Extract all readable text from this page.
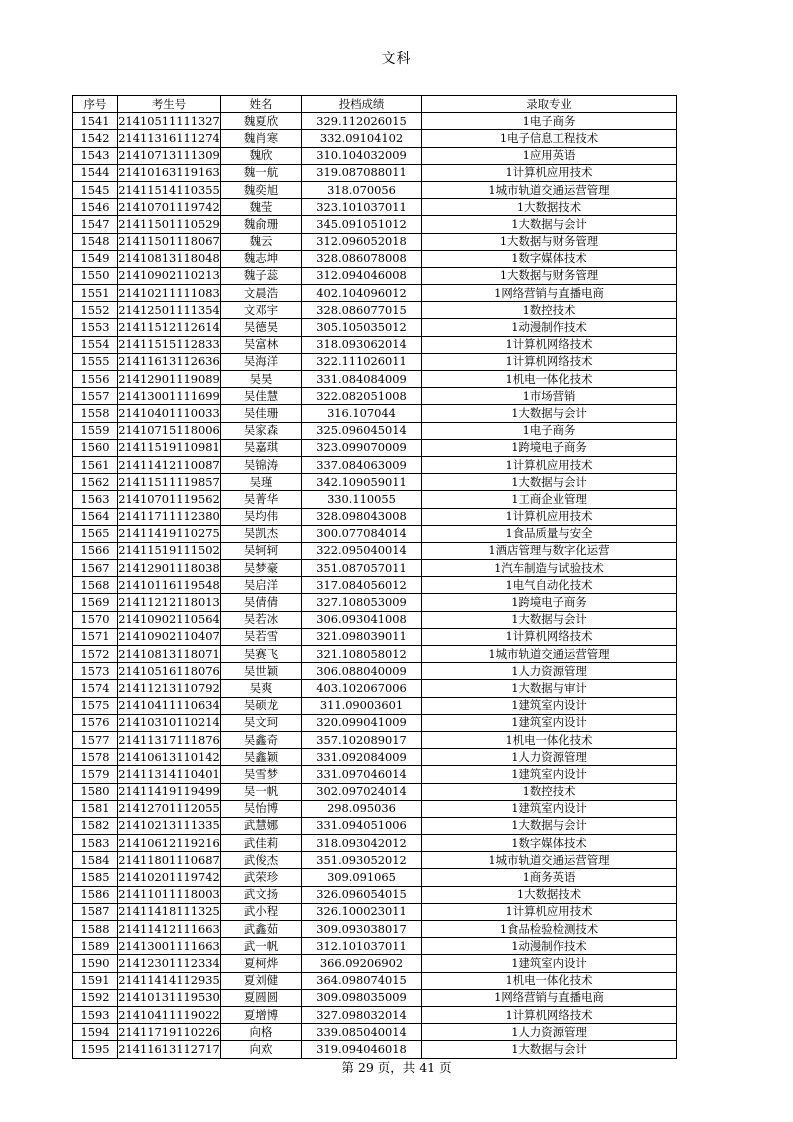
文科
序号	考生号	姓名	投档成绩	录取专业
1541	21410511111327	魏夏欣	329.112026015	1电子商务
1542	21411316111274	魏肖寒	332.09104102	1电子信息工程技术
1543	21410713111309	魏欣	310.104032009	1应用英语
1544	21410163119163	魏一航	319.087088011	1计算机应用技术
1545	21411514110355	魏奕旭	318.070056	1城市轨道交通运营管理
1546	21410701119742	魏莹	323.101037011	1大数据技术
1547	21411501110529	魏俞珊	345.091051012	1大数据与会计
1548	21411501118067	魏云	312.096052018	1大数据与财务管理
1549	21410813118048	魏志坤	328.086078008	1数字媒体技术
1550	21410902110213	魏子蕊	312.094046008	1大数据与财务管理
1551	21410211111083	文晨浩	402.104096012	1网络营销与直播电商
1552	21412501111354	文邓宇	328.086077015	1数控技术
1553	21411512112614	吴德昊	305.105035012	1动漫制作技术
1554	21411515112833	吴富林	318.093062014	1计算机网络技术
1555	21411613112636	吴海洋	322.111026011	1计算机网络技术
1556	21412901119089	吴昊	331.084084009	1机电一体化技术
1557	21413001111699	吴佳慧	322.082051008	1市场营销
1558	21410401110033	吴佳珊	316.107044	1大数据与会计
1559	21410715118006	吴家森	325.096045014	1电子商务
1560	21411519110981	吴嘉琪	323.099070009	1跨境电子商务
1561	21411412110087	吴锦涛	337.084063009	1计算机应用技术
1562	21411511119857	吴瑾	342.109059011	1大数据与会计
1563	21410701119562	吴菁华	330.110055	1工商企业管理
1564	21411711112380	吴均伟	328.098043008	1计算机应用技术
1565	21411419110275	吴凯杰	300.077084014	1食品质量与安全
1566	21411519111502	吴轲轲	322.095040014	1酒店管理与数字化运营
1567	21412901118038	吴梦豪	351.087057011	1汽车制造与试验技术
1568	21410116119548	吴启洋	317.084056012	1电气自动化技术
1569	21411212118013	吴倩倩	327.108053009	1跨境电子商务
1570	21410902110564	吴若冰	306.093041008	1大数据与会计
1571	21410902110407	吴若雪	321.098039011	1计算机网络技术
1572	21410813118071	吴赛飞	321.108058012	1城市轨道交通运营管理
1573	21410516118076	吴世颖	306.088040009	1人力资源管理
1574	21411213110792	吴爽	403.102067006	1大数据与审计
1575	21410411110634	吴硕龙	311.09003601	1建筑室内设计
1576	21410310110214	吴文珂	320.099041009	1建筑室内设计
1577	21411317111876	吴鑫奇	357.102089017	1机电一体化技术
1578	21410613110142	吴鑫颖	331.092084009	1人力资源管理
1579	21411314110401	吴雪梦	331.097046014	1建筑室内设计
1580	21411419119499	吴一帆	302.097024014	1数控技术
1581	21412701112055	吴怡博	298.095036	1建筑室内设计
1582	21410213111335	武慧娜	331.094051006	1大数据与会计
1583	21410612119216	武佳莉	318.093042012	1数字媒体技术
1584	21411801110687	武俊杰	351.093052012	1城市轨道交通运营管理
1585	21410201119742	武荣珍	309.091065	1商务英语
1586	21411011118003	武文扬	326.096054015	1大数据技术
1587	21411418111325	武小程	326.100023011	1计算机应用技术
1588	21411412111663	武鑫茹	309.093038017	1食品检验检测技术
1589	21413001111663	武一帆	312.101037011	1动漫制作技术
1590	21412301112334	夏柯烨	366.09206902	1建筑室内设计
1591	21411414112935	夏刘健	364.098074015	1机电一体化技术
1592	21410131119530	夏圆圆	309.098035009	1网络营销与直播电商
1593	21410411119022	夏增博	327.098032014	1计算机网络技术
1594	21411719110226	向格	339.085040014	1人力资源管理
1595	21411613112717	向欢	319.094046018	1大数据与会计
第 29 页，共 41 页
